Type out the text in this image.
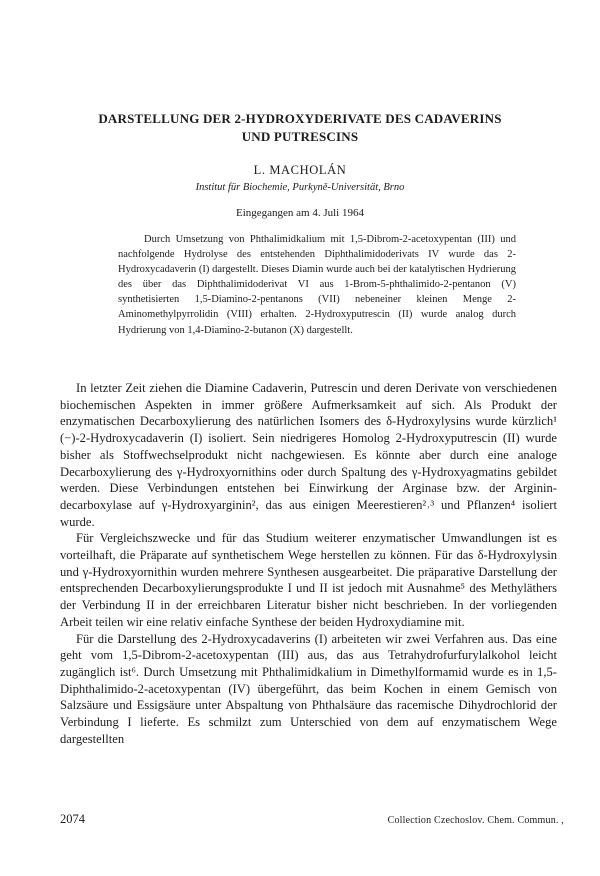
DARSTELLUNG DER 2-HYDROXYDERIVATE DES CADAVERINS
UND PUTRESCINS
L. MACHOLÁN
Institut für Biochemie, Purkyně-Universität, Brno
Eingegangen am 4. Juli 1964

Durch Umsetzung von Phthalimidkalium mit 1,5-Dibrom-2-acetoxypentan (III) und nachfolgende Hydrolyse des entstehenden Diphthalimidoderivats IV wurde das 2-Hydroxycadaverin (I) dargestellt. Dieses Diamin wurde auch bei der katalytischen Hydrierung des über das Diphthalimidoderivat VI aus 1-Brom-5-phthalimido-2-pentanon (V) synthetisierten 1,5-Diamino-2-pentanons (VII) nebeneiner kleinen Menge 2-Aminomethylpyrrolidin (VIII) erhalten. 2-Hydroxyputrescin (II) wurde analog durch Hydrierung von 1,4-Diamino-2-butanon (X) dargestellt.

In letzter Zeit ziehen die Diamine Cadaverin, Putrescin und deren Derivate von verschiedenen biochemischen Aspekten in immer größere Aufmerksamkeit auf sich. Als Produkt der enzymatischen Decarboxylierung des natürlichen Isomers des δ-Hydroxylysins wurde kürzlich¹ (−)-2-Hydroxycadaverin (I) isoliert. Sein niedrigeres Homolog 2-Hydroxyputrescin (II) wurde bisher als Stoffwechselprodukt nicht nachgewiesen. Es könnte aber durch eine analoge Decarboxylierung des γ-Hydroxyornithins oder durch Spaltung des γ-Hydroxyagmatins gebildet werden. Diese Verbindungen entstehen bei Einwirkung der Arginase bzw. der Arginin-decarboxylase auf γ-Hydroxyarginin², das aus einigen Meerestieren²˒³ und Pflanzen⁴ isoliert wurde.

Für Vergleichszwecke und für das Studium weiterer enzymatischer Umwandlungen ist es vorteilhaft, die Präparate auf synthetischem Wege herstellen zu können. Für das δ-Hydroxylysin und γ-Hydroxyornithin wurden mehrere Synthesen ausgearbeitet. Die präparative Darstellung der entsprechenden Decarboxylierungsprodukte I und II ist jedoch mit Ausnahme⁵ des Methyläthers der Verbindung II in der erreichbaren Literatur bisher nicht beschrieben. In der vorliegenden Arbeit teilen wir eine relativ einfache Synthese der beiden Hydroxydiamine mit.

Für die Darstellung des 2-Hydroxycadaverins (I) arbeiteten wir zwei Verfahren aus. Das eine geht vom 1,5-Dibrom-2-acetoxypentan (III) aus, das aus Tetrahydrofurfurylalkohol leicht zugänglich ist⁶. Durch Umsetzung mit Phthalimidkalium in Dimethylformamid wurde es in 1,5-Diphthalimido-2-acetoxypentan (IV) übergeführt, das beim Kochen in einem Gemisch von Salzsäure und Essigsäure unter Abspaltung von Phthalsäure das racemische Dihydrochlorid der Verbindung I lieferte. Es schmilzt zum Unterschied von dem auf enzymatischem Wege dargestellten

2074	Collection Czechoslov. Chem. Commun. ,
